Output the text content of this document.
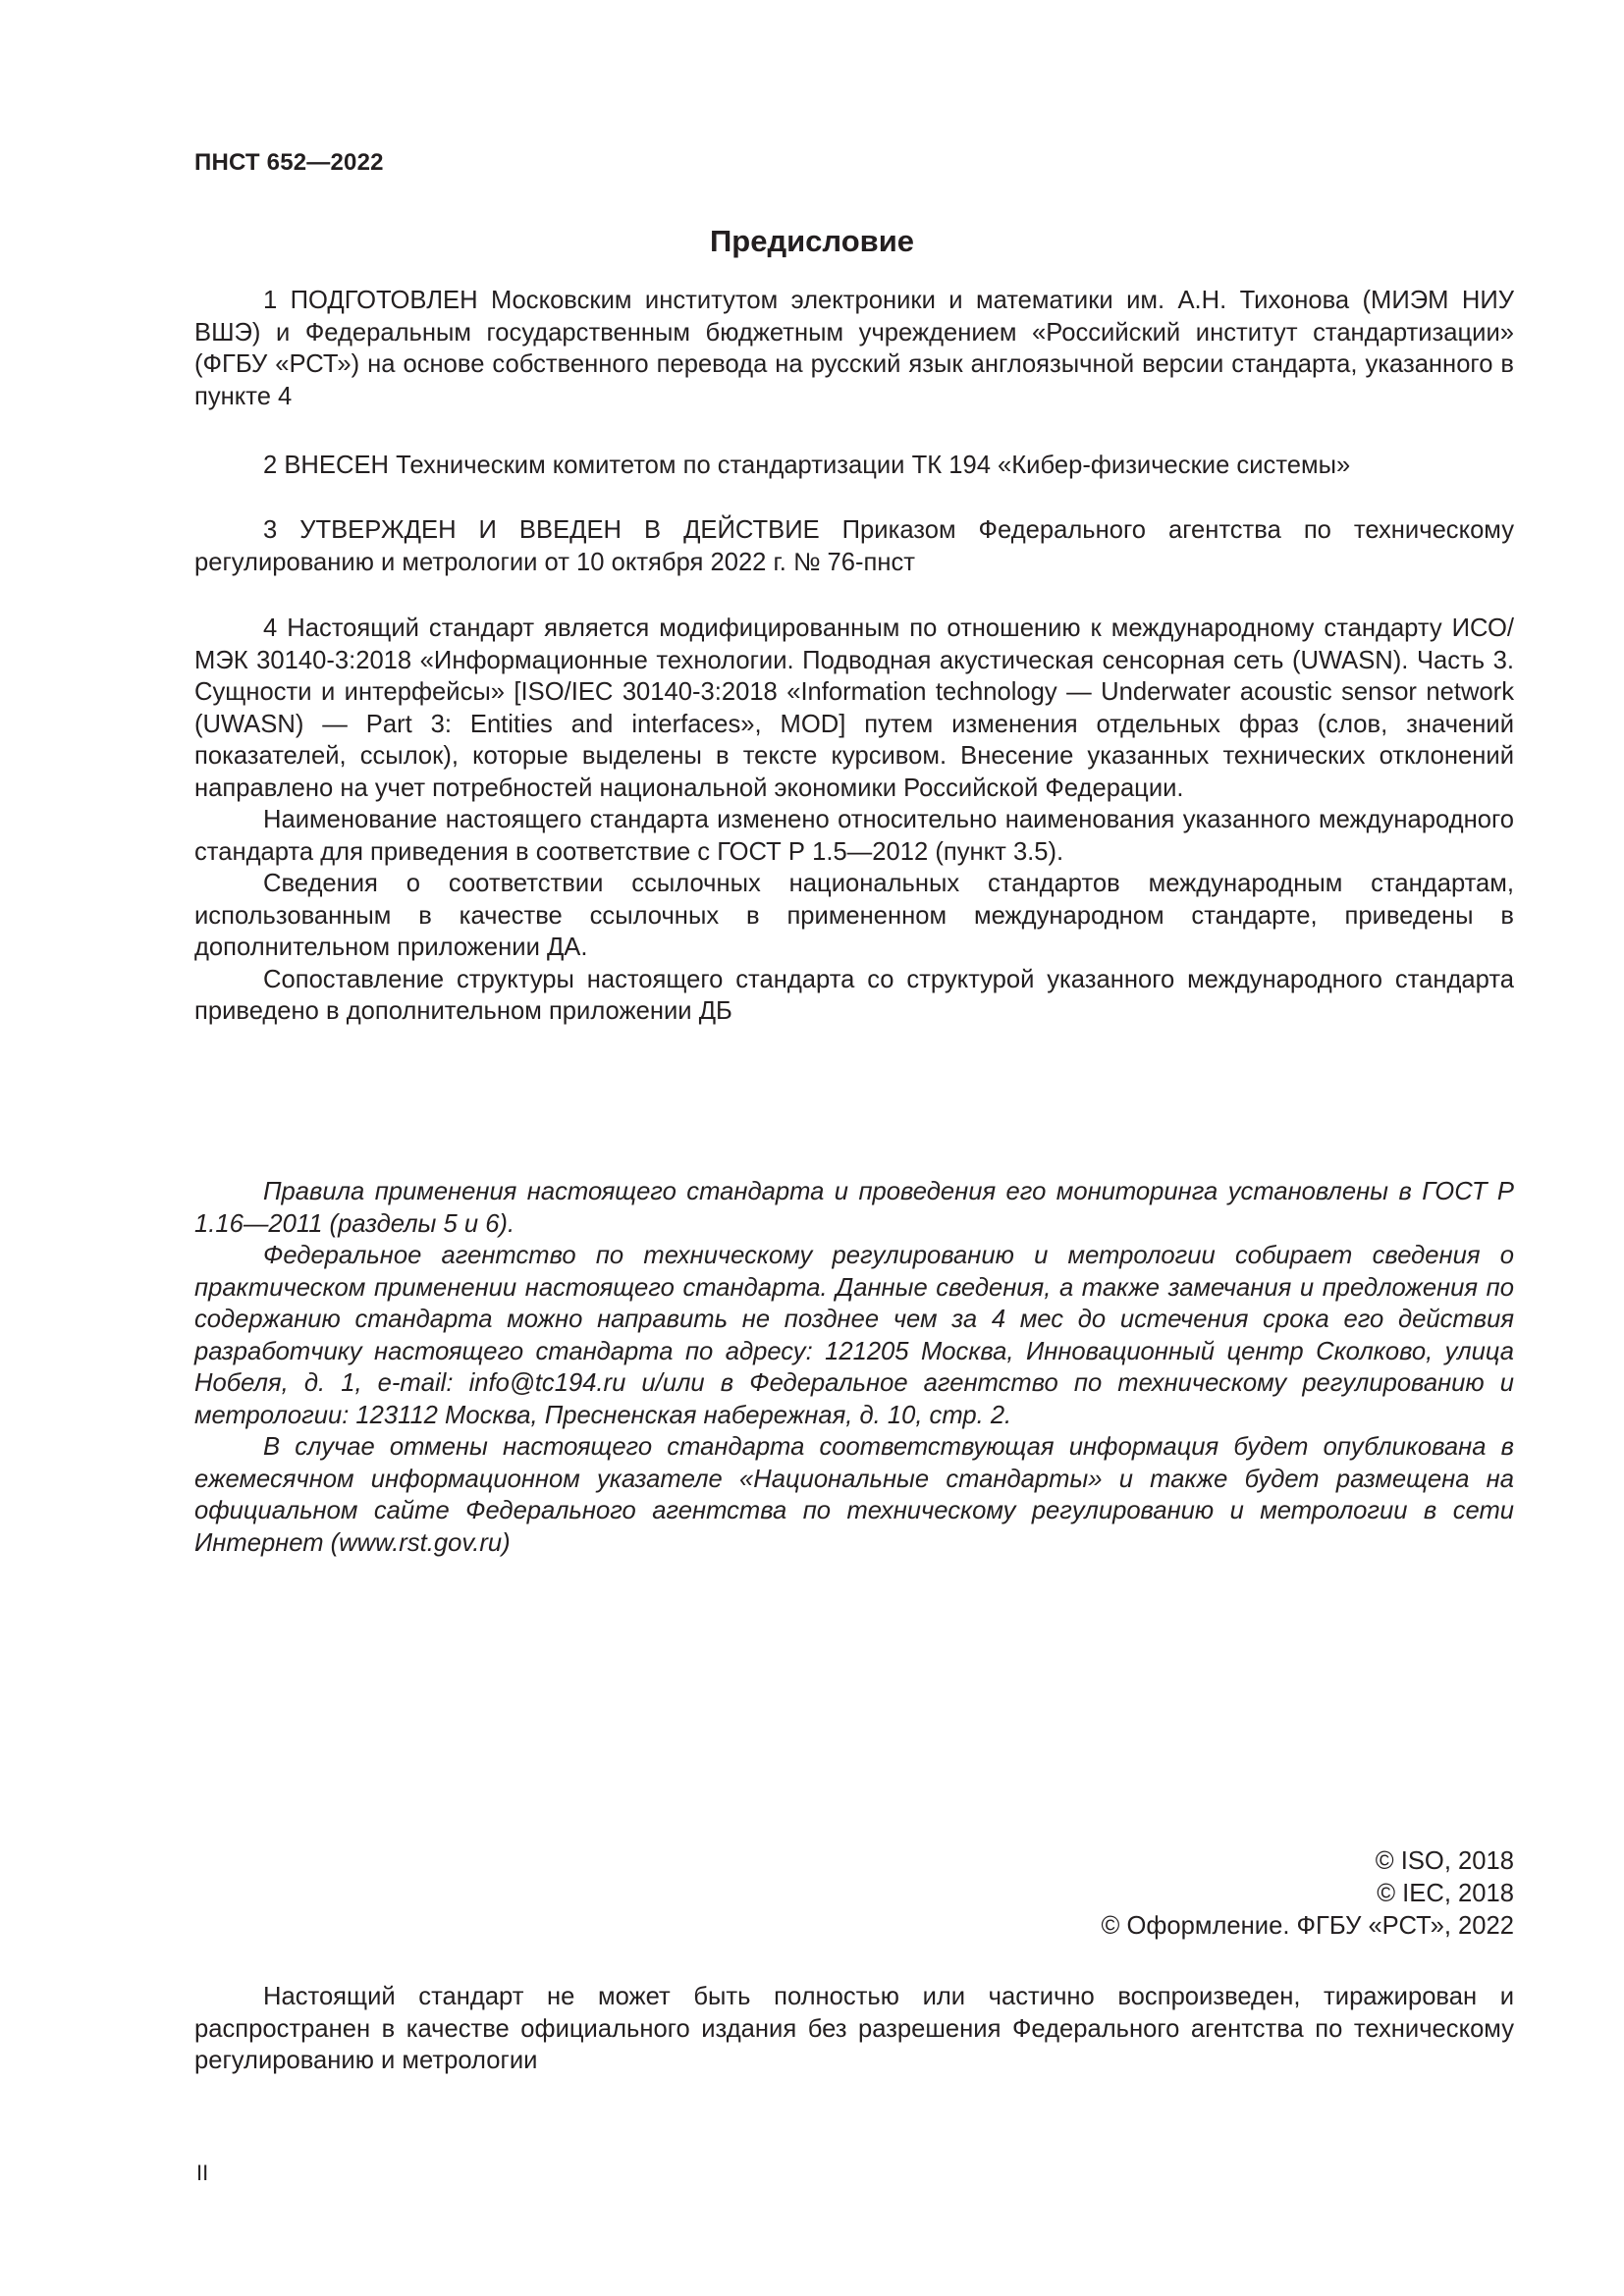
ПНСТ 652—2022
Предисловие

1 ПОДГОТОВЛЕН Московским институтом электроники и математики им. А.Н. Тихонова (МИЭМ НИУ ВШЭ) и Федеральным государственным бюджетным учреждением «Российский институт стандартизации» (ФГБУ «РСТ») на основе собственного перевода на русский язык англоязычной версии стандарта, указанного в пункте 4

2 ВНЕСЕН Техническим комитетом по стандартизации ТК 194 «Кибер-физические системы»

3 УТВЕРЖДЕН И ВВЕДЕН В ДЕЙСТВИЕ Приказом Федерального агентства по техническому регулированию и метрологии от 10 октября 2022 г. № 76-пнст

4 Настоящий стандарт является модифицированным по отношению к международному стандарту ИСО/МЭК 30140-3:2018 «Информационные технологии. Подводная акустическая сенсорная сеть (UWASN). Часть 3. Сущности и интерфейсы» [ISO/IEC 30140-3:2018 «Information technology — Underwater acoustic sensor network (UWASN) — Part 3: Entities and interfaces», MOD] путем изменения отдельных фраз (слов, значений показателей, ссылок), которые выделены в тексте курсивом. Внесение указанных технических отклонений направлено на учет потребностей национальной экономики Российской Федерации.

Наименование настоящего стандарта изменено относительно наименования указанного международного стандарта для приведения в соответствие с ГОСТ Р 1.5—2012 (пункт 3.5).

Сведения о соответствии ссылочных национальных стандартов международным стандартам, использованным в качестве ссылочных в примененном международном стандарте, приведены в дополнительном приложении ДА.

Сопоставление структуры настоящего стандарта со структурой указанного международного стандарта приведено в дополнительном приложении ДБ

Правила применения настоящего стандарта и проведения его мониторинга установлены в ГОСТ Р 1.16—2011 (разделы 5 и 6).

Федеральное агентство по техническому регулированию и метрологии собирает сведения о практическом применении настоящего стандарта. Данные сведения, а также замечания и предложения по содержанию стандарта можно направить не позднее чем за 4 мес до истечения срока его действия разработчику настоящего стандарта по адресу: 121205 Москва, Инновационный центр Сколково, улица Нобеля, д. 1, e-mail: info@tc194.ru и/или в Федеральное агентство по техническому регулированию и метрологии: 123112 Москва, Пресненская набережная, д. 10, стр. 2.

В случае отмены настоящего стандарта соответствующая информация будет опубликована в ежемесячном информационном указателе «Национальные стандарты» и также будет размещена на официальном сайте Федерального агентства по техническому регулированию и метрологии в сети Интернет (www.rst.gov.ru)

© ISO, 2018
© IEC, 2018
© Оформление. ФГБУ «РСТ», 2022

Настоящий стандарт не может быть полностью или частично воспроизведен, тиражирован и распространен в качестве официального издания без разрешения Федерального агентства по техническому регулированию и метрологии

II
